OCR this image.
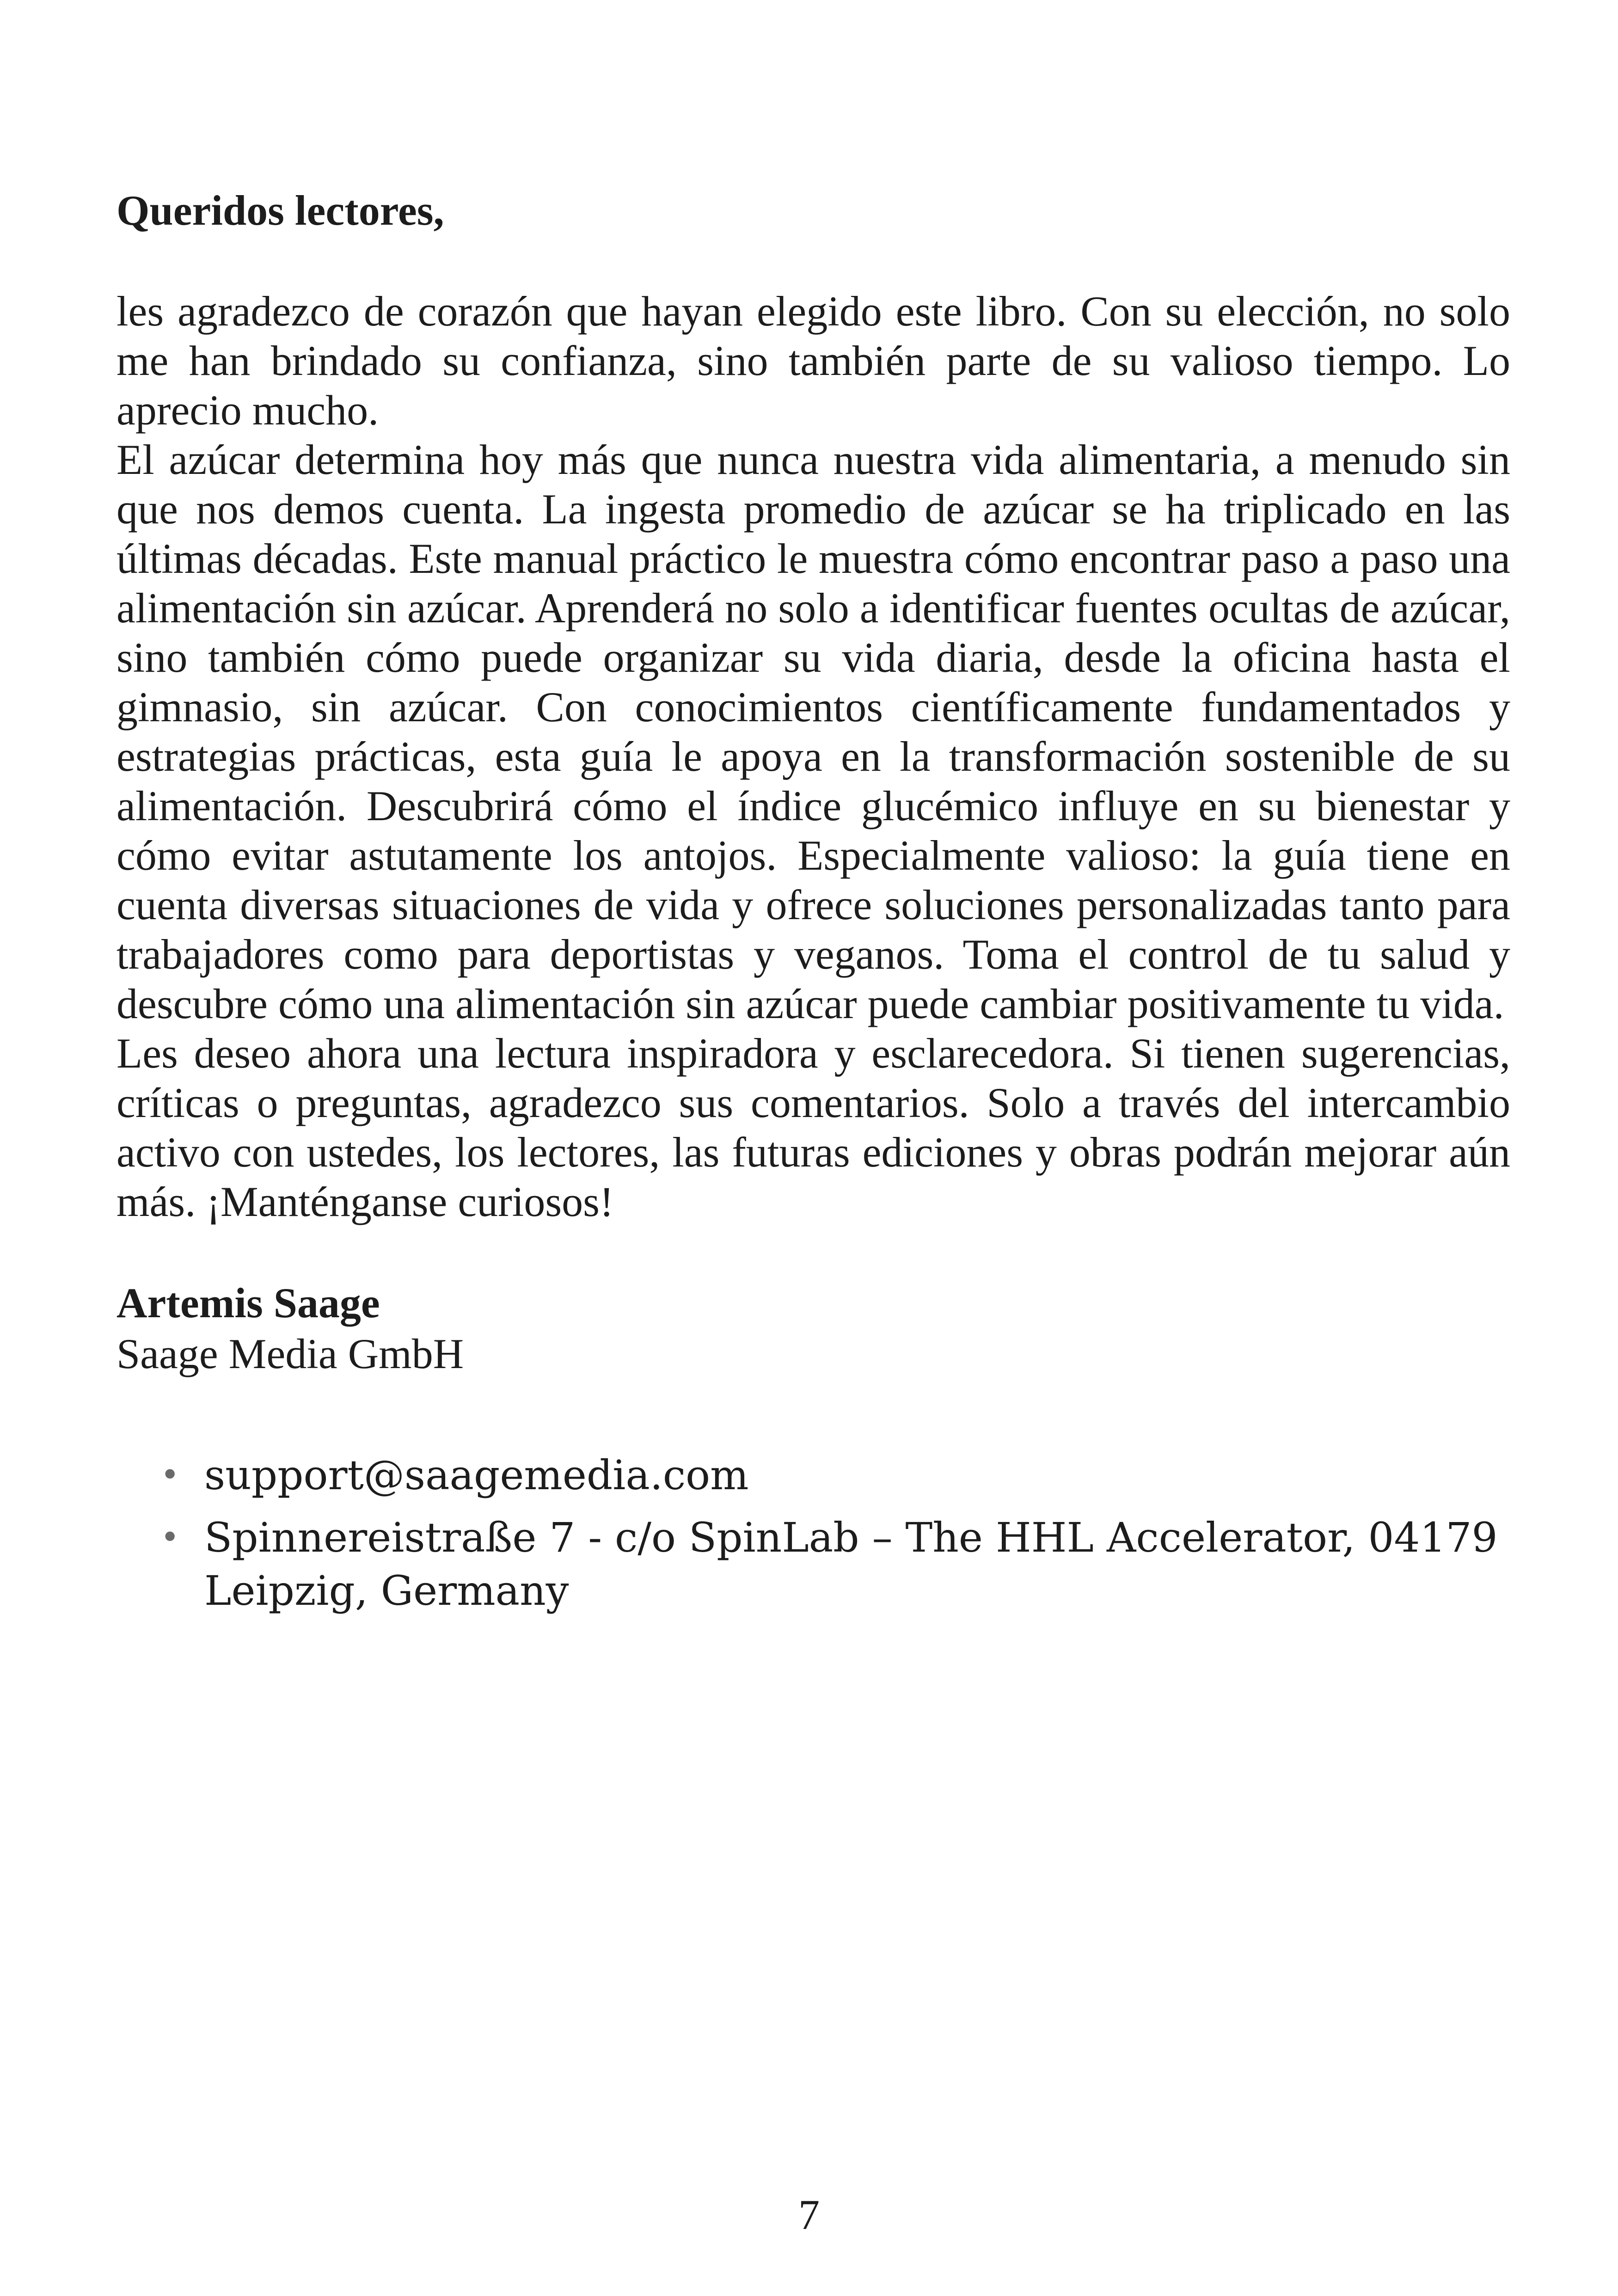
Queridos lectores,

les agradezco de corazón que hayan elegido este libro. Con su elección, no solo me han brindado su confianza, sino también parte de su valioso tiempo. Lo aprecio mucho.

El azúcar determina hoy más que nunca nuestra vida alimentaria, a menudo sin que nos demos cuenta. La ingesta promedio de azúcar se ha triplicado en las últimas décadas. Este manual práctico le muestra cómo encontrar paso a paso una alimentación sin azúcar. Aprenderá no solo a identificar fuentes ocultas de azúcar, sino también cómo puede organizar su vida diaria, desde la oficina hasta el gimnasio, sin azúcar. Con conocimientos científicamente fundamentados y estrategias prácticas, esta guía le apoya en la transformación sostenible de su alimentación. Descubrirá cómo el índice glucémico influye en su bienestar y cómo evitar astutamente los antojos. Especialmente valioso: la guía tiene en cuenta diversas situaciones de vida y ofrece soluciones personalizadas tanto para trabajadores como para deportistas y veganos. Toma el control de tu salud y descubre cómo una alimentación sin azúcar puede cambiar positivamente tu vida.

Les deseo ahora una lectura inspiradora y esclarecedora. Si tienen sugerencias, críticas o preguntas, agradezco sus comentarios. Solo a través del intercambio activo con ustedes, los lectores, las futuras ediciones y obras podrán mejorar aún más. ¡Manténganse curiosos!

Artemis Saage

Saage Media GmbH

• support@saagemedia.com
• Spinnereistraße 7 - c/o SpinLab – The HHL Accelerator, 04179 Leipzig, Germany
7
